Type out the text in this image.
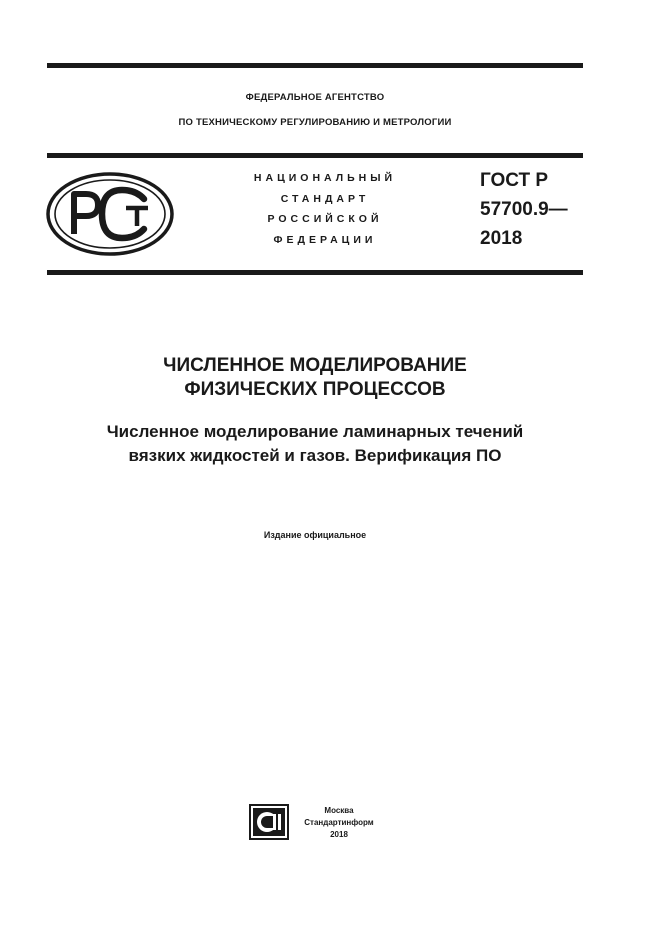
ФЕДЕРАЛЬНОЕ АГЕНТСТВО
ПО ТЕХНИЧЕСКОМУ РЕГУЛИРОВАНИЮ И МЕТРОЛОГИИ
НАЦИОНАЛЬНЫЙ
СТАНДАРТ
РОССИЙСКОЙ
ФЕДЕРАЦИИ
ГОСТ Р
57700.9—
2018
ЧИСЛЕННОЕ МОДЕЛИРОВАНИЕ
ФИЗИЧЕСКИХ ПРОЦЕССОВ
Численное моделирование ламинарных течений
вязких жидкостей и газов. Верификация ПО
Издание официальное
Москва
Стандартинформ
2018
